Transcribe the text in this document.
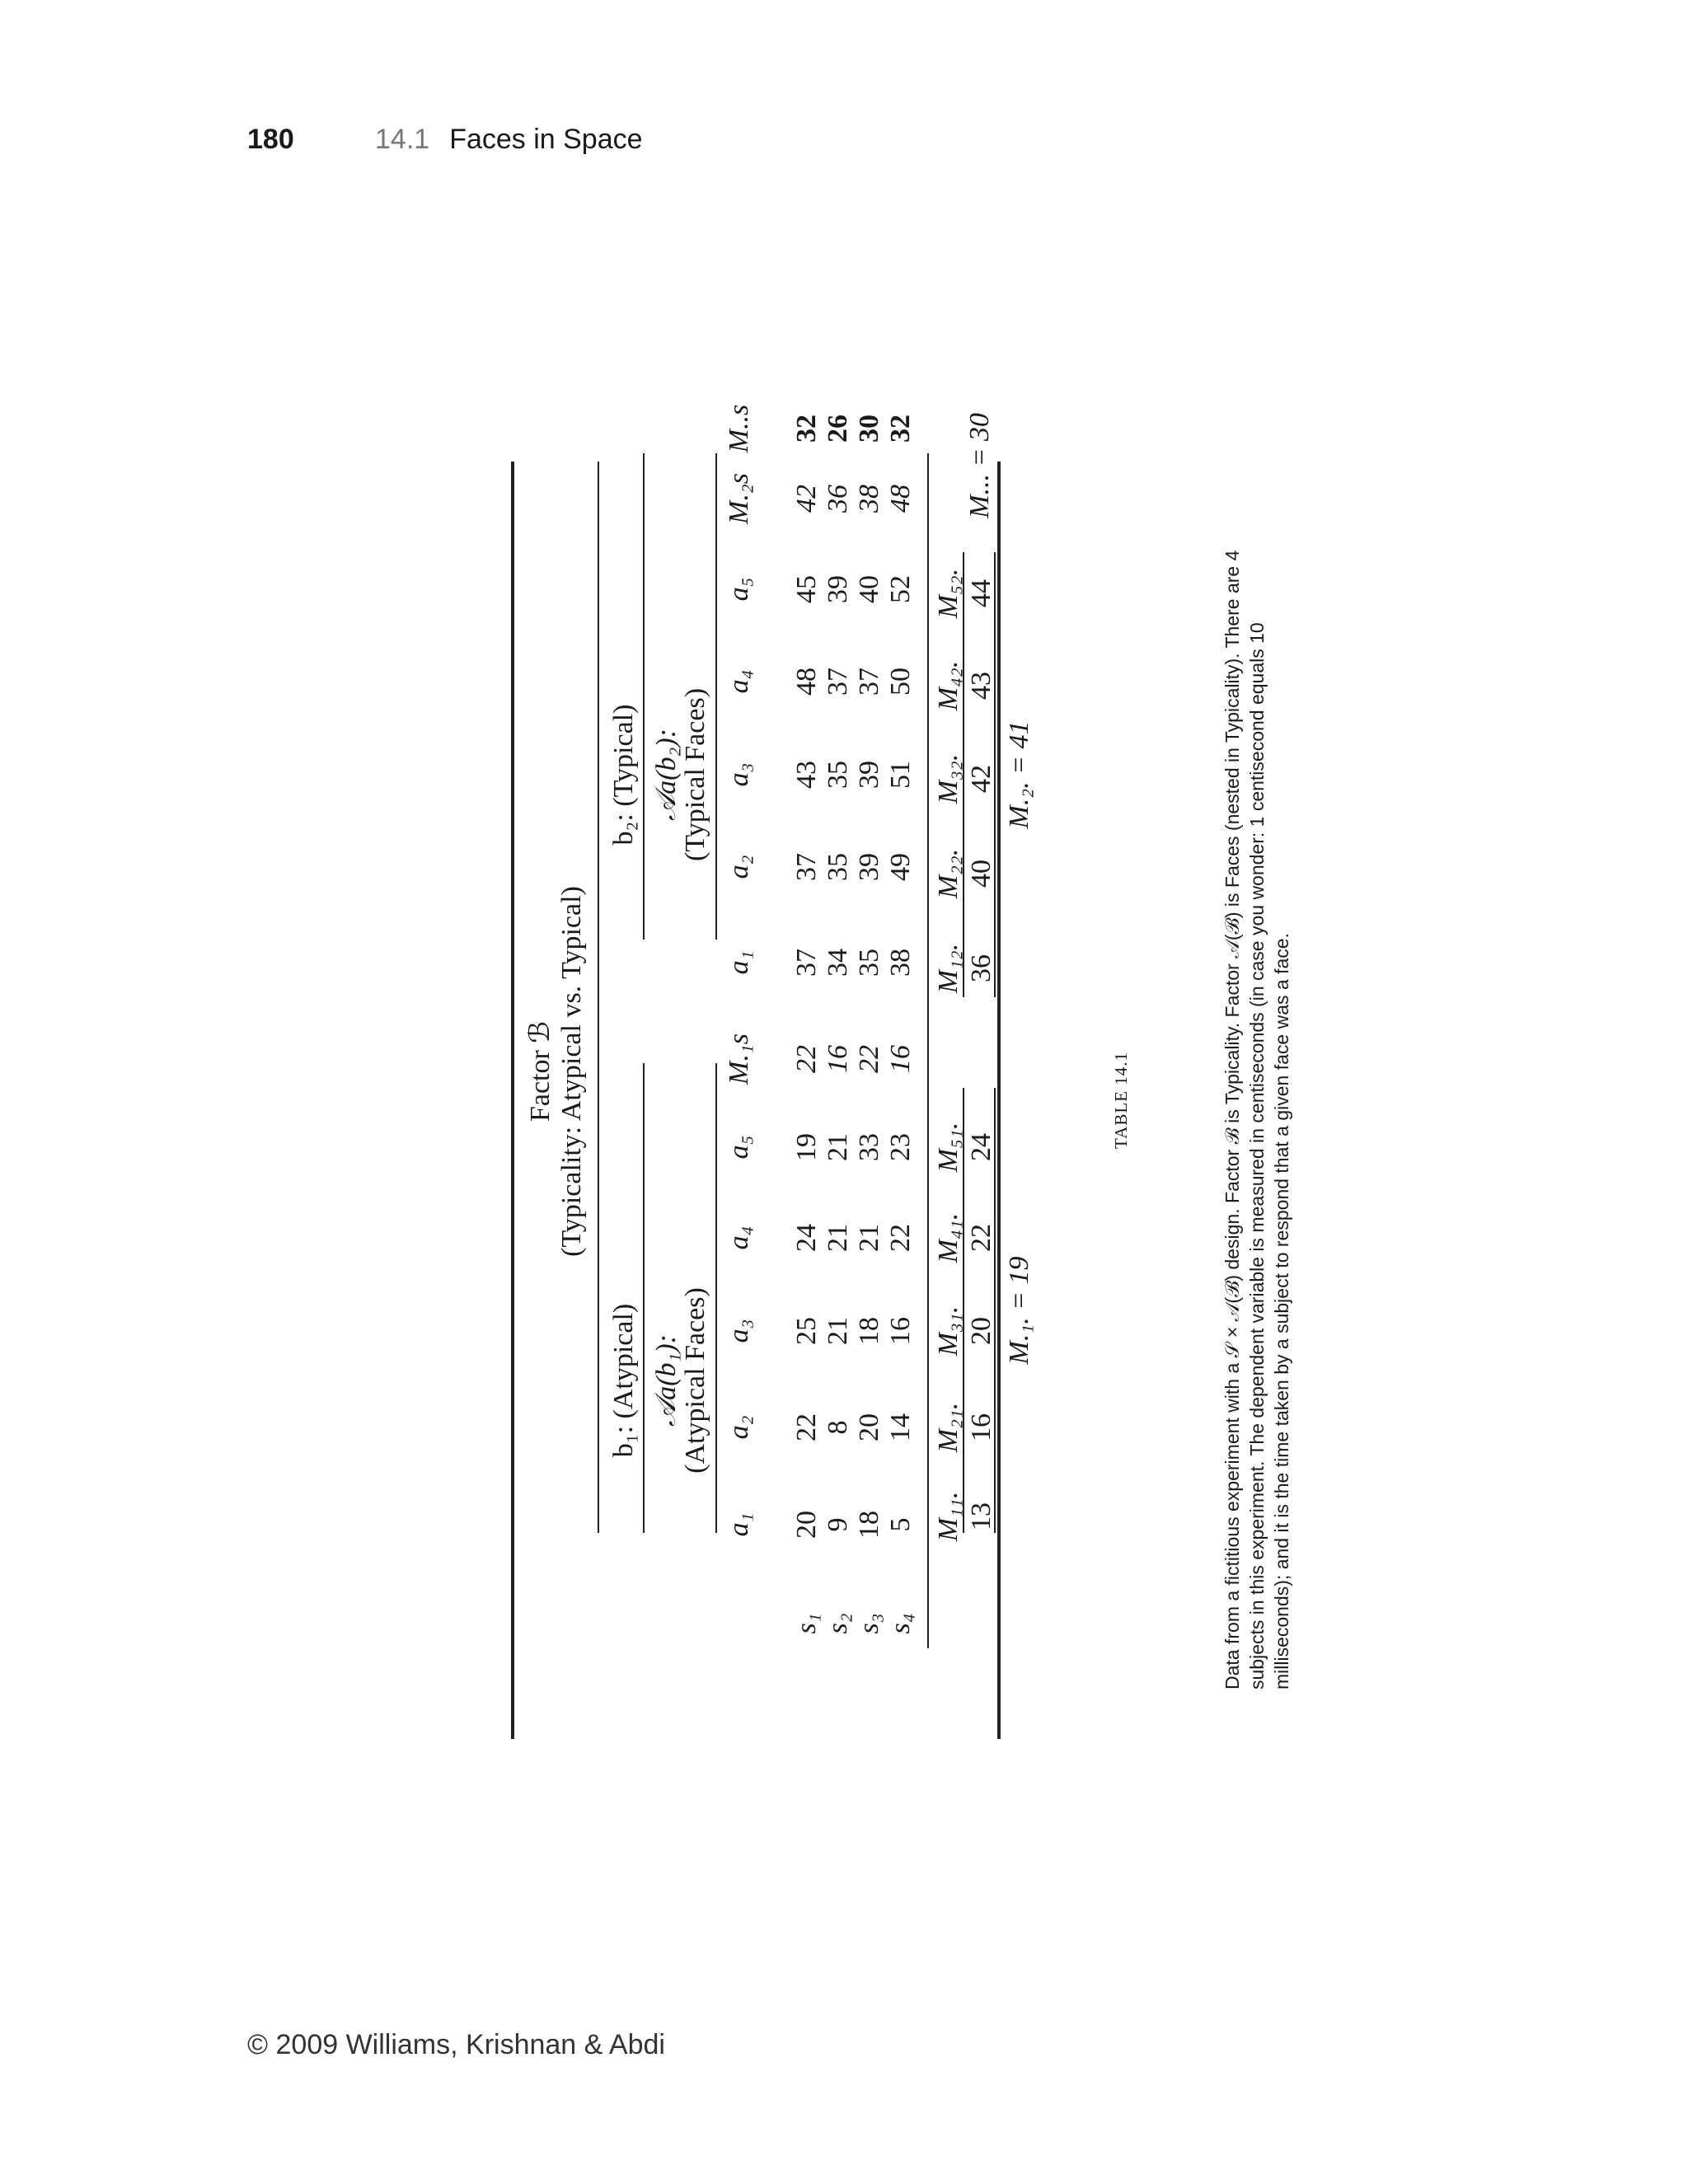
180	14.1 Faces in Space
Factor ℬ (Typicality: Atypical vs. Typical)
b₁: (Atypical) 𝒜a(b₁):
(Atypical Faces)
b₂: (Typical) 𝒜a(b₂):
(Typical Faces)
a₁
a₂
a₃
a₄
a₅
M.₁s
a₁
a₂
a₃
a₄
a₅
M.₂s
M..s
s₁ s₂ s₃ s₄
20
22
25
24
19
22
37
37
43
48
45
42
32
9
8
21
21
21
16
34
35
35
37
39
36
26
18
20
18
21
33
22
35
39
39
37
40
38
30
5
14
16
22
23
16
38
49
51
50
52
48
32
M₁₁. 13
M₂₁. 16
M₃₁. 20
M₄₁. 22
M₅₁. 24
M₁₂. 36
M₂₂. 40
M₃₂. 42
M₄₂. 43
M₅₂. 44
M.₁. = 19
M.₂. = 41
M... = 30
TABLE 14.1	Data from a fictitious experiment with a 𝒮 × 𝒜(ℬ) design. Factor ℬ is Typicality. Factor 𝒜(ℬ) is Faces (nested in Typicality). There are 4 subjects in this experiment. The dependent variable is measured in centiseconds (in case you wonder: 1 centisecond equals 10 milliseconds); and it is the time taken by a subject to respond that a given face was a face.
© 2009 Williams, Krishnan & Abdi
